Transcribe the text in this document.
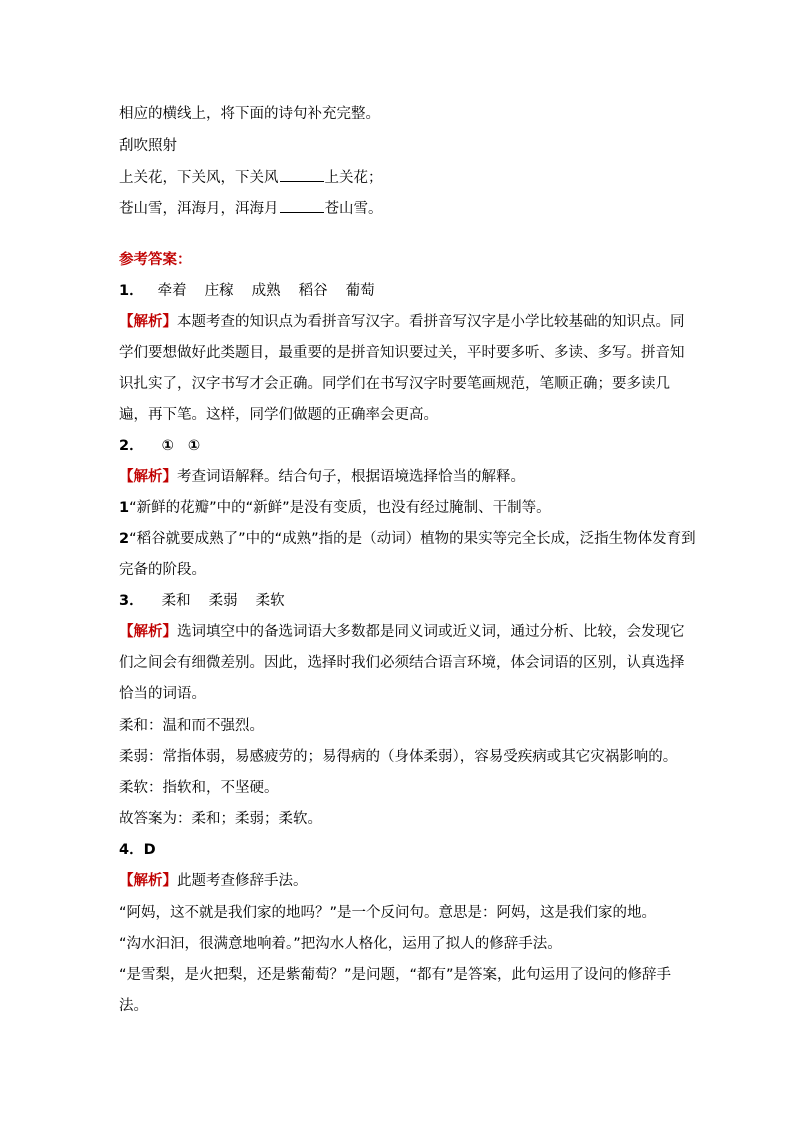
相应的横线上，将下面的诗句补充完整。
刮吹照射
上关花，下关风，下关风	上关花；
苍山雪，洱海月，洱海月	苍山雪。
参考答案：
1． 牵着 庄稼 成熟 稻谷 葡萄
【解析】本题考查的知识点为看拼音写汉字。看拼音写汉字是小学比较基础的知识点。同
学们要想做好此类题目，最重要的是拼音知识要过关，平时要多听、多读、多写。拼音知
识扎实了，汉字书写才会正确。同学们在书写汉字时要笔画规范，笔顺正确；要多读几
遍，再下笔。这样，同学们做题的正确率会更高。
2． ① ①
【解析】考查词语解释。结合句子，根据语境选择恰当的解释。
1“新鲜的花瓣”中的“新鲜”是没有变质，也没有经过腌制、干制等。
2“稻谷就要成熟了”中的“成熟”指的是（动词）植物的果实等完全长成，泛指生物体发育到
完备的阶段。
3． 柔和 柔弱 柔软
【解析】选词填空中的备选词语大多数都是同义词或近义词，通过分析、比较，会发现它
们之间会有细微差别。因此，选择时我们必须结合语言环境，体会词语的区别，认真选择
恰当的词语。
柔和：温和而不强烈。
柔弱：常指体弱，易感疲劳的；易得病的（身体柔弱），容易受疾病或其它灾祸影响的。
柔软：指软和，不坚硬。
故答案为：柔和；柔弱；柔软。
4．D
【解析】此题考查修辞手法。
“阿妈，这不就是我们家的地吗？”是一个反问句。意思是：阿妈，这是我们家的地。
“沟水汩汩，很满意地响着。”把沟水人格化，运用了拟人的修辞手法。
“是雪梨，是火把梨，还是紫葡萄？”是问题，“都有”是答案，此句运用了设问的修辞手
法。
